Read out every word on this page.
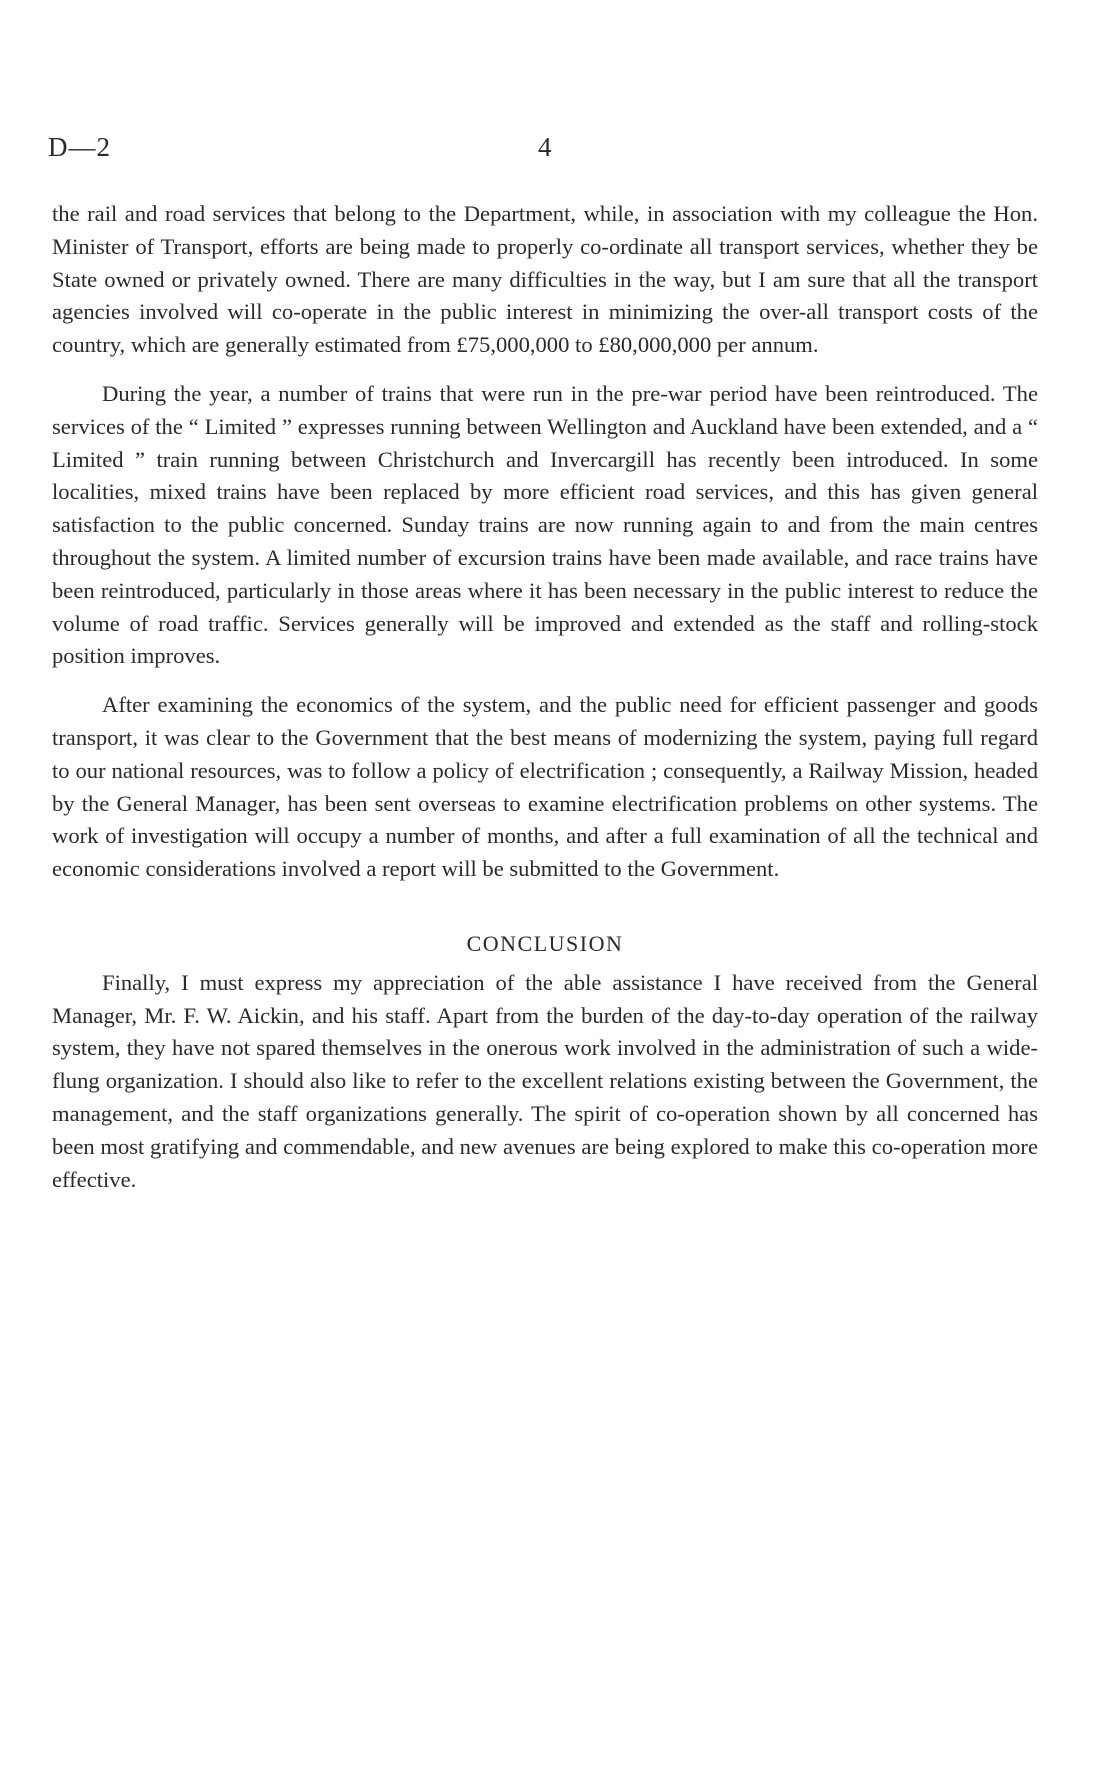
D—2	4

the rail and road services that belong to the Department, while, in association with my colleague the Hon. Minister of Transport, efforts are being made to properly co-ordinate all transport services, whether they be State owned or privately owned. There are many difficulties in the way, but I am sure that all the transport agencies involved will co-operate in the public interest in minimizing the over-all transport costs of the country, which are generally estimated from £75,000,000 to £80,000,000 per annum.

During the year, a number of trains that were run in the pre-war period have been reintroduced. The services of the “ Limited ” expresses running between Wellington and Auckland have been extended, and a “ Limited ” train running between Christchurch and Invercargill has recently been introduced. In some localities, mixed trains have been replaced by more efficient road services, and this has given general satisfaction to the public concerned. Sunday trains are now running again to and from the main centres throughout the system. A limited number of excursion trains have been made available, and race trains have been reintroduced, particularly in those areas where it has been necessary in the public interest to reduce the volume of road traffic. Services generally will be improved and extended as the staff and rolling-stock position improves.

After examining the economics of the system, and the public need for efficient passenger and goods transport, it was clear to the Government that the best means of modernizing the system, paying full regard to our national resources, was to follow a policy of electrification ; consequently, a Railway Mission, headed by the General Manager, has been sent overseas to examine electrification problems on other systems. The work of investigation will occupy a number of months, and after a full examination of all the technical and economic considerations involved a report will be submitted to the Government.

CONCLUSION

Finally, I must express my appreciation of the able assistance I have received from the General Manager, Mr. F. W. Aickin, and his staff. Apart from the burden of the day-to-day operation of the railway system, they have not spared themselves in the onerous work involved in the administration of such a wide-flung organization. I should also like to refer to the excellent relations existing between the Government, the management, and the staff organizations generally. The spirit of co-operation shown by all concerned has been most gratifying and commendable, and new avenues are being explored to make this co-operation more effective.
